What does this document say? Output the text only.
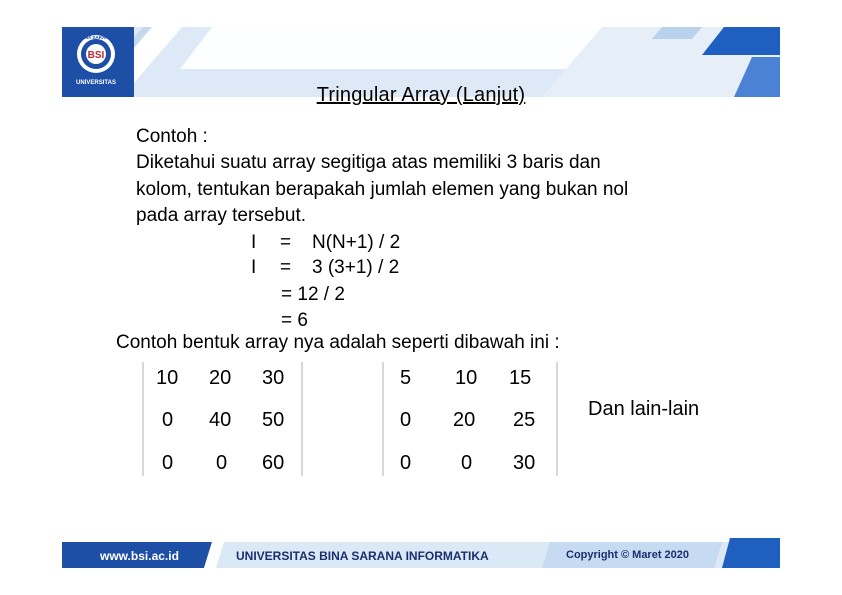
BSI
BINA SARANA
UNIVERSITAS
Tringular Array (Lanjut)
Contoh :
Diketahui suatu array segitiga atas memiliki 3 baris dan
kolom, tentukan berapakah jumlah elemen yang bukan nol
pada array tersebut.
I = N(N+1) / 2
I = 3 (3+1) / 2
= 12 / 2
= 6
Contoh bentuk array nya adalah seperti dibawah ini :
10 20 30
0 40 50
0 0 60
5 10 15
0 20 25
0 0 30
Dan lain-lain
www.bsi.ac.id	UNIVERSITAS BINA SARANA INFORMATIKA	Copyright © Maret 2020
